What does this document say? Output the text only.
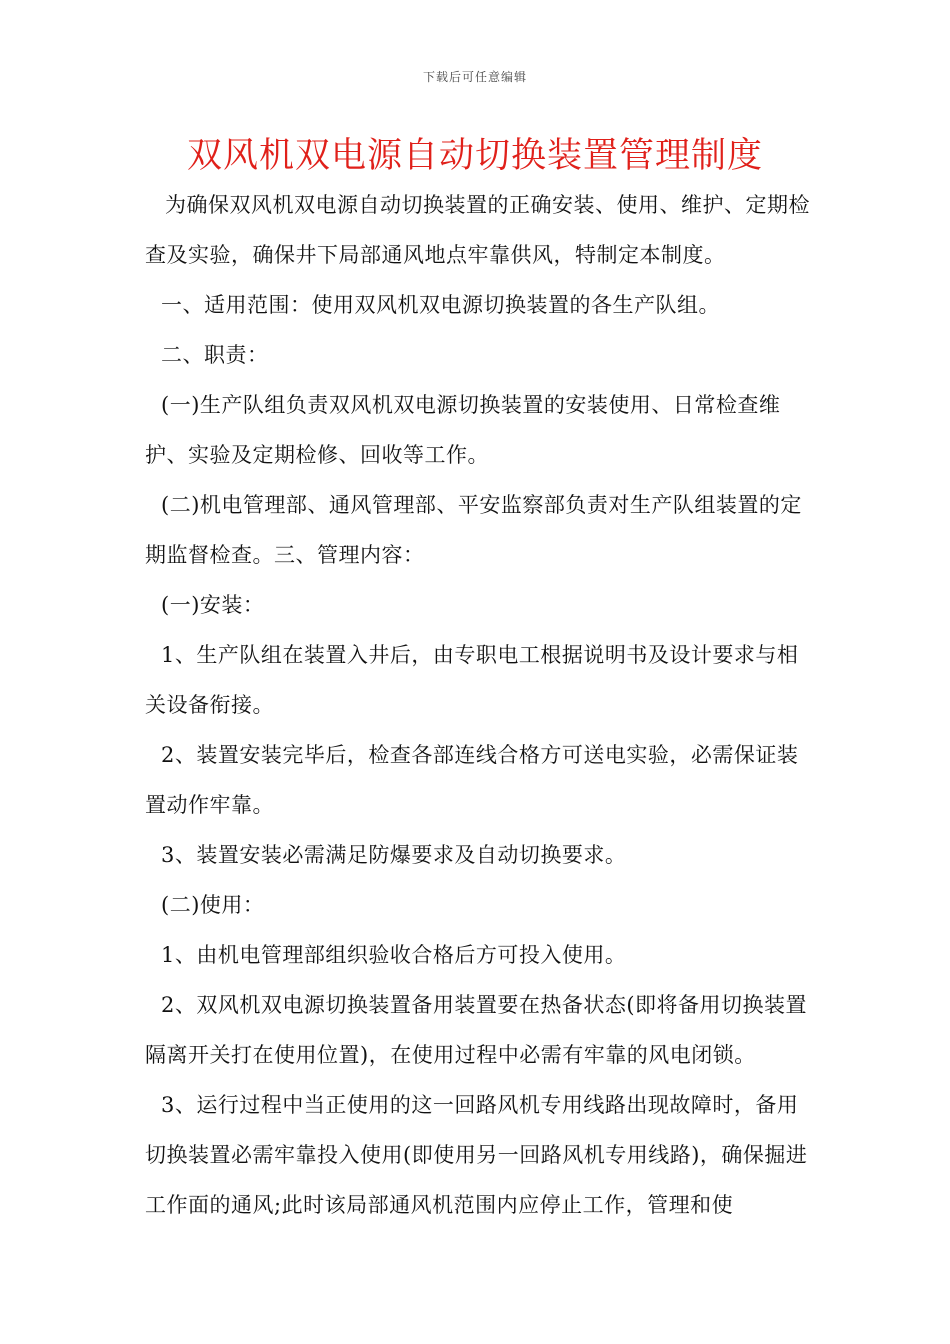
下载后可任意编辑
双风机双电源自动切换装置管理制度

为确保双风机双电源自动切换装置的正确安装、使用、维护、定期检查及实验，确保井下局部通风地点牢靠供风，特制定本制度。

一、适用范围：使用双风机双电源切换装置的各生产队组。

二、职责：

(一)生产队组负责双风机双电源切换装置的安装使用、日常检查维护、实验及定期检修、回收等工作。

(二)机电管理部、通风管理部、平安监察部负责对生产队组装置的定期监督检查。三、管理内容：

(一)安装：

1、生产队组在装置入井后，由专职电工根据说明书及设计要求与相关设备衔接。

2、装置安装完毕后，检查各部连线合格方可送电实验，必需保证装置动作牢靠。

3、装置安装必需满足防爆要求及自动切换要求。

(二)使用：

1、由机电管理部组织验收合格后方可投入使用。

2、双风机双电源切换装置备用装置要在热备状态(即将备用切换装置隔离开关打在使用位置)，在使用过程中必需有牢靠的风电闭锁。

3、运行过程中当正使用的这一回路风机专用线路出现故障时，备用切换装置必需牢靠投入使用(即使用另一回路风机专用线路)，确保掘进工作面的通风;此时该局部通风机范围内应停止工作，管理和使
